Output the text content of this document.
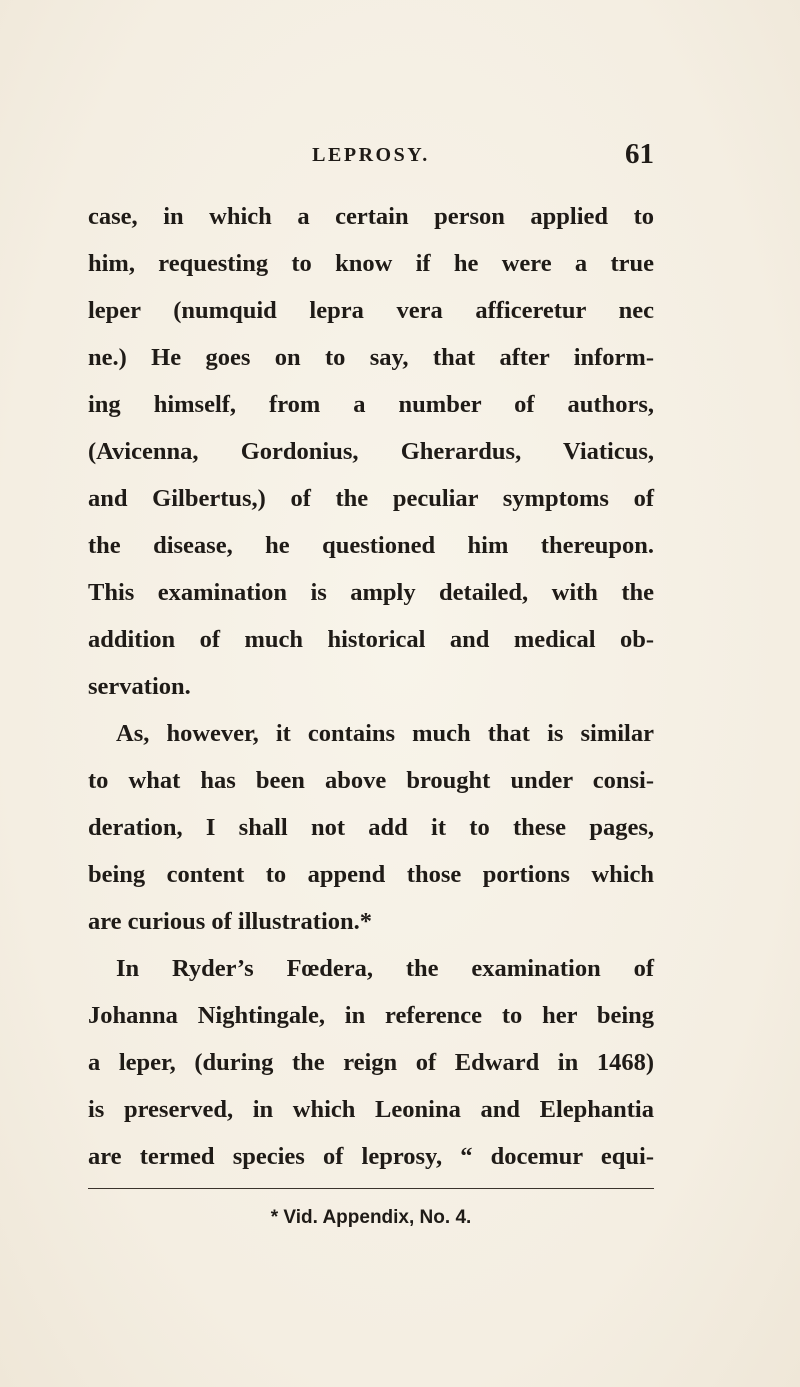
LEPROSY.	61
case, in which a certain person applied to
him, requesting to know if he were a true
leper (numquid lepra vera afficeretur nec
ne.) He goes on to say, that after inform-
ing himself, from a number of authors,
(Avicenna, Gordonius, Gherardus, Viaticus,
and Gilbertus,) of the peculiar symptoms of
the disease, he questioned him thereupon.
This examination is amply detailed, with the
addition of much historical and medical ob-
servation.
As, however, it contains much that is similar
to what has been above brought under consi-
deration, I shall not add it to these pages,
being content to append those portions which
are curious of illustration.*
In Ryder’s Fœdera, the examination of
Johanna Nightingale, in reference to her being
a leper, (during the reign of Edward in 1468)
is preserved, in which Leonina and Elephantia
are termed species of leprosy, “ docemur equi-
* Vid. Appendix, No. 4.
